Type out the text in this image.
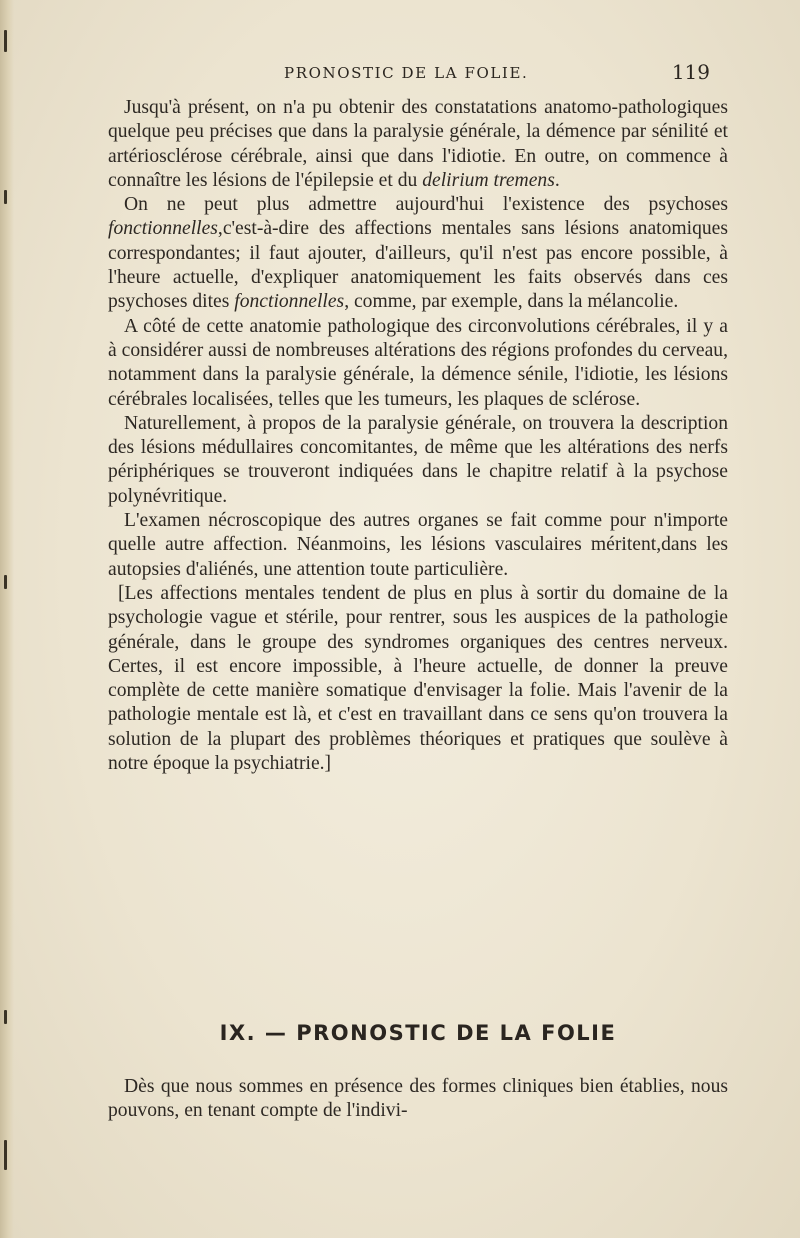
PRONOSTIC DE LA FOLIE.	119

Jusqu'à présent, on n'a pu obtenir des constatations anatomo-pathologiques quelque peu précises que dans la paralysie générale, la démence par sénilité et artériosclérose cérébrale, ainsi que dans l'idiotie. En outre, on commence à connaître les lésions de l'épilepsie et du delirium tremens.

On ne peut plus admettre aujourd'hui l'existence des psychoses fonctionnelles,c'est-à-dire des affections mentales sans lésions anatomiques correspondantes; il faut ajouter, d'ailleurs, qu'il n'est pas encore possible, à l'heure actuelle, d'expliquer anatomiquement les faits observés dans ces psychoses dites fonctionnelles, comme, par exemple, dans la mélancolie.

A côté de cette anatomie pathologique des circonvolutions cérébrales, il y a à considérer aussi de nombreuses altérations des régions profondes du cerveau, notamment dans la paralysie générale, la démence sénile, l'idiotie, les lésions cérébrales localisées, telles que les tumeurs, les plaques de sclérose.

Naturellement, à propos de la paralysie générale, on trouvera la description des lésions médullaires concomitantes, de même que les altérations des nerfs périphériques se trouveront indiquées dans le chapitre relatif à la psychose polynévritique.

L'examen nécroscopique des autres organes se fait comme pour n'importe quelle autre affection. Néanmoins, les lésions vasculaires méritent,dans les autopsies d'aliénés, une attention toute particulière.

[Les affections mentales tendent de plus en plus à sortir du domaine de la psychologie vague et stérile, pour rentrer, sous les auspices de la pathologie générale, dans le groupe des syndromes organiques des centres nerveux. Certes, il est encore impossible, à l'heure actuelle, de donner la preuve complète de cette manière somatique d'envisager la folie. Mais l'avenir de la pathologie mentale est là, et c'est en travaillant dans ce sens qu'on trouvera la solution de la plupart des problèmes théoriques et pratiques que soulève à notre époque la psychiatrie.]

IX. — PRONOSTIC DE LA FOLIE

Dès que nous sommes en présence des formes cliniques bien établies, nous pouvons, en tenant compte de l'indivi-
